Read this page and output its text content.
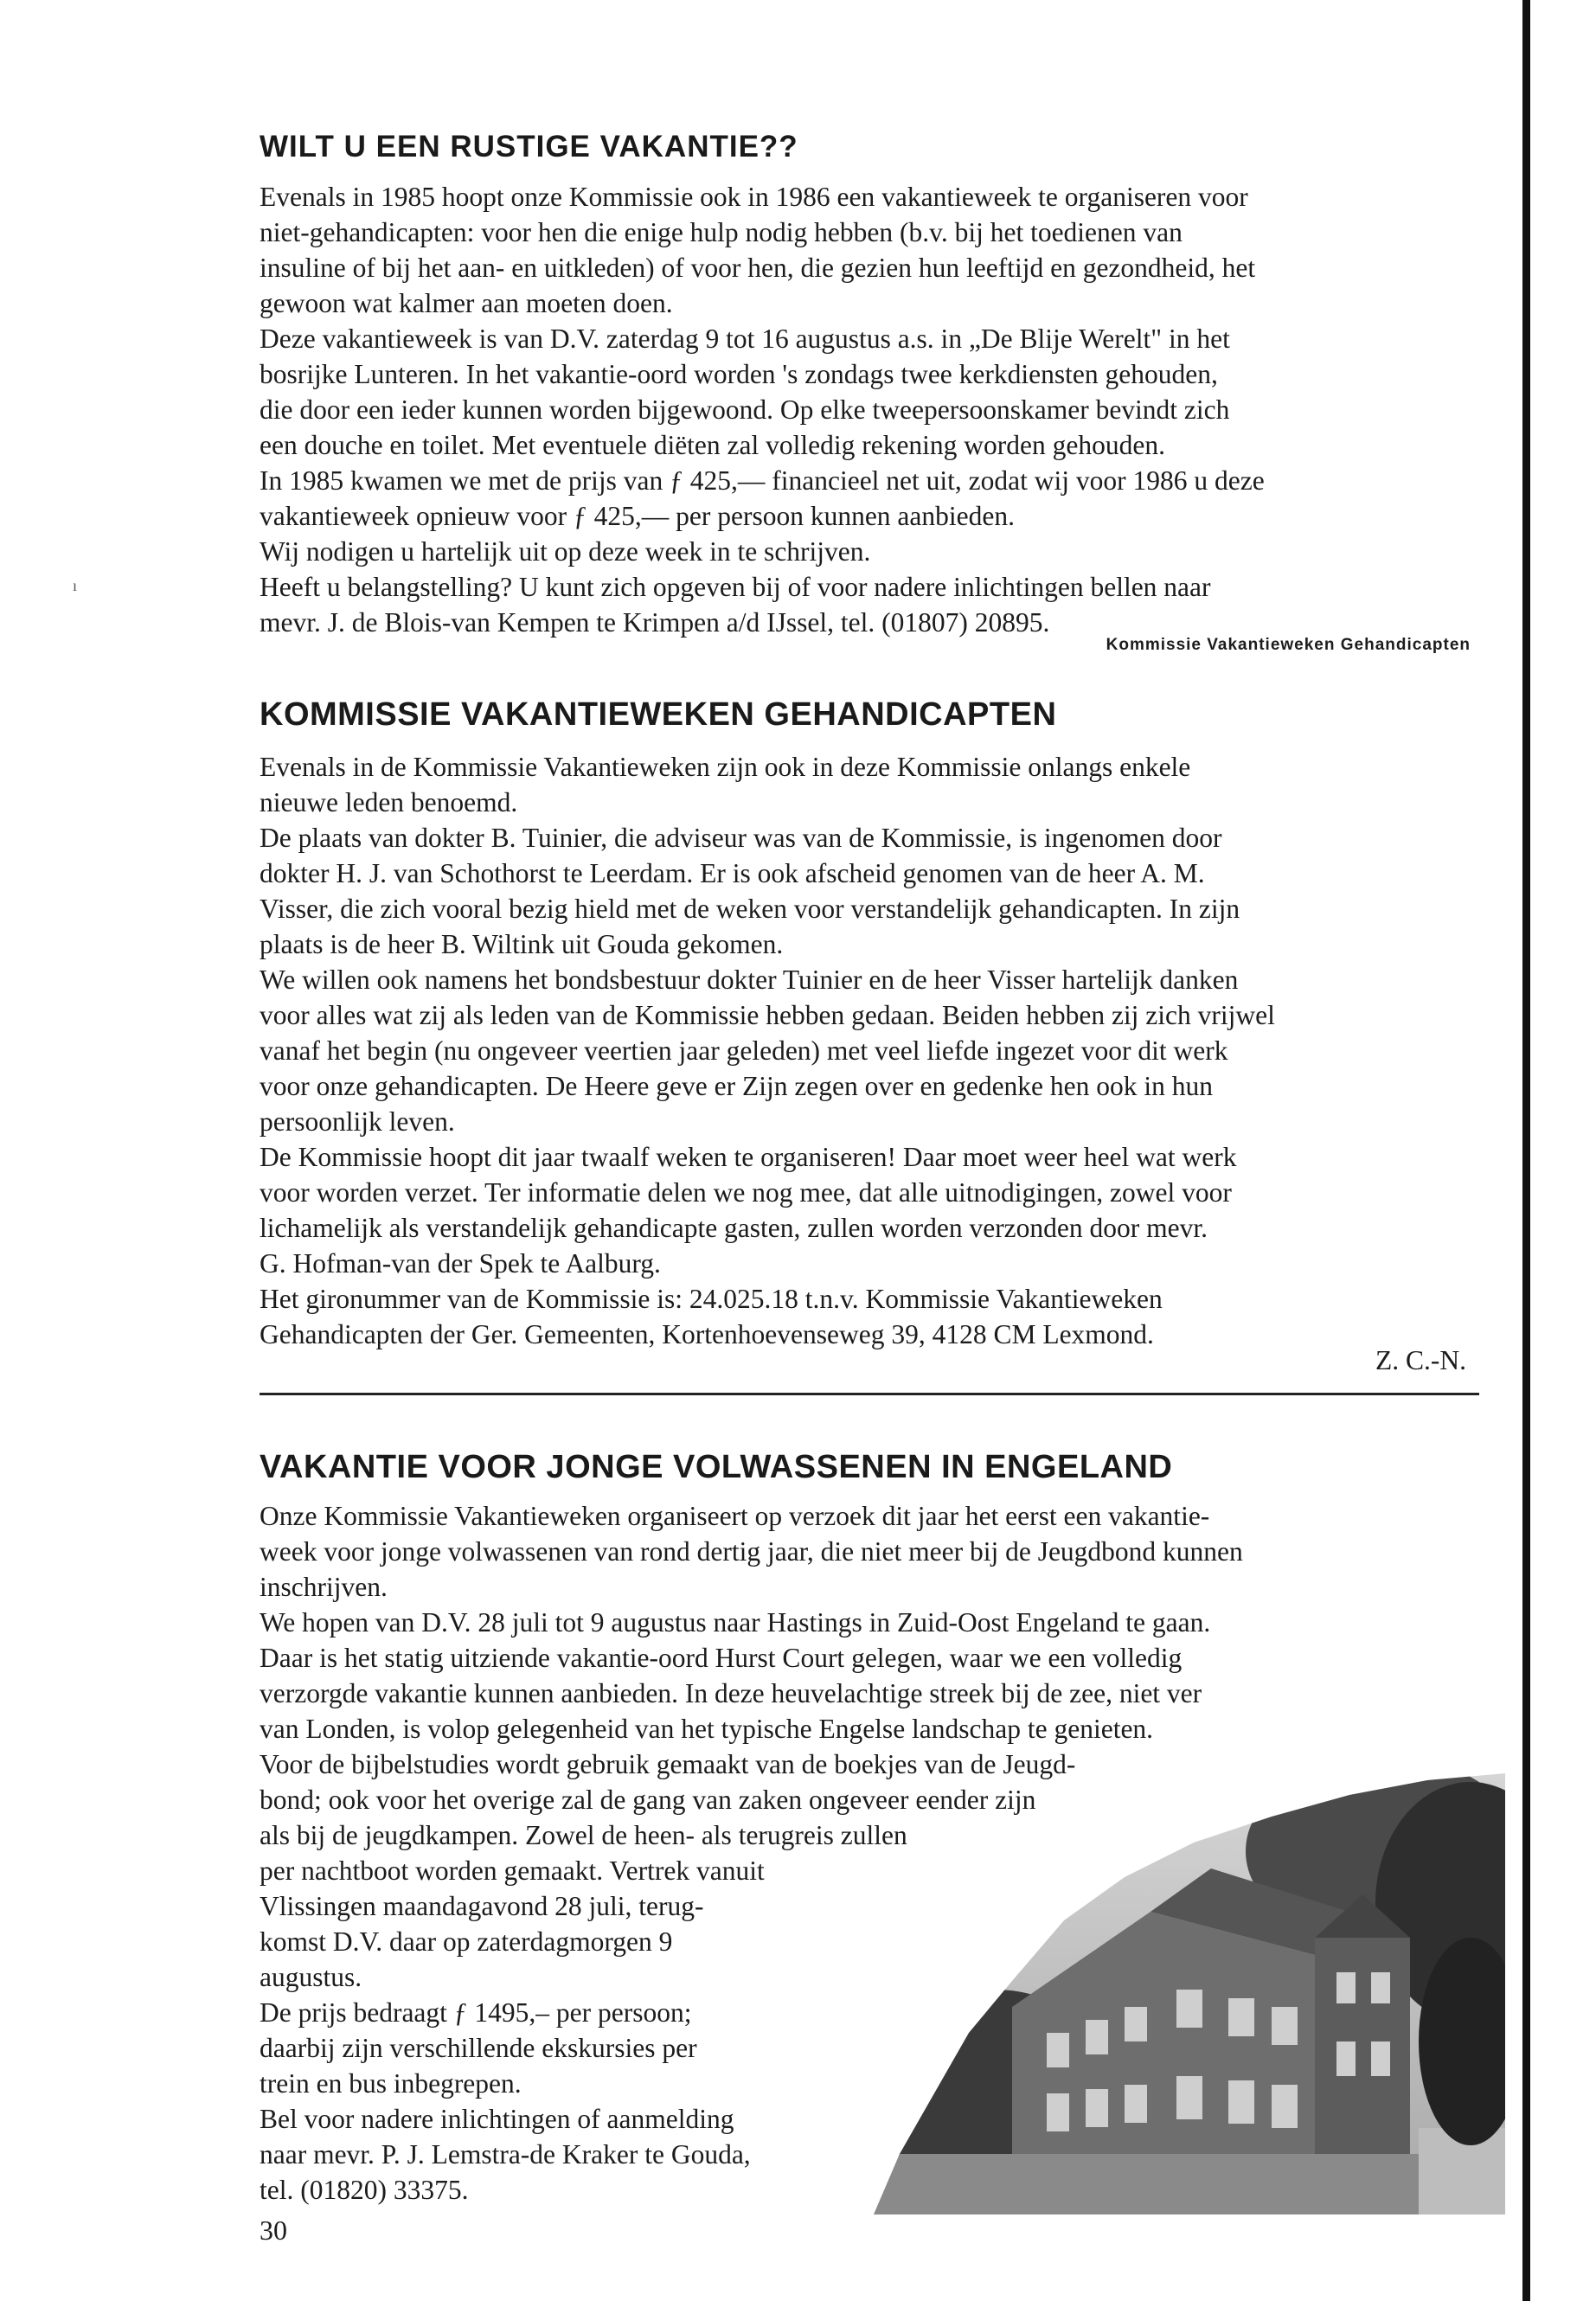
ı
WILT U EEN RUSTIGE VAKANTIE??
Evenals in 1985 hoopt onze Kommissie ook in 1986 een vakantieweek te organiseren voor
niet-gehandicapten: voor hen die enige hulp nodig hebben (b.v. bij het toedienen van
insuline of bij het aan- en uitkleden) of voor hen, die gezien hun leeftijd en gezondheid, het
gewoon wat kalmer aan moeten doen.
Deze vakantieweek is van D.V. zaterdag 9 tot 16 augustus a.s. in „De Blije Werelt" in het
bosrijke Lunteren. In het vakantie-oord worden 's zondags twee kerkdiensten gehouden,
die door een ieder kunnen worden bijgewoond. Op elke tweepersoonskamer bevindt zich
een douche en toilet. Met eventuele diëten zal volledig rekening worden gehouden.
In 1985 kwamen we met de prijs van ƒ 425,— financieel net uit, zodat wij voor 1986 u deze
vakantieweek opnieuw voor ƒ 425,— per persoon kunnen aanbieden.
Wij nodigen u hartelijk uit op deze week in te schrijven.
Heeft u belangstelling? U kunt zich opgeven bij of voor nadere inlichtingen bellen naar
mevr. J. de Blois-van Kempen te Krimpen a/d IJssel, tel. (01807) 20895.
Kommissie Vakantieweken Gehandicapten
KOMMISSIE VAKANTIEWEKEN GEHANDICAPTEN
Evenals in de Kommissie Vakantieweken zijn ook in deze Kommissie onlangs enkele
nieuwe leden benoemd.
De plaats van dokter B. Tuinier, die adviseur was van de Kommissie, is ingenomen door
dokter H. J. van Schothorst te Leerdam. Er is ook afscheid genomen van de heer A. M.
Visser, die zich vooral bezig hield met de weken voor verstandelijk gehandicapten. In zijn
plaats is de heer B. Wiltink uit Gouda gekomen.
We willen ook namens het bondsbestuur dokter Tuinier en de heer Visser hartelijk danken
voor alles wat zij als leden van de Kommissie hebben gedaan. Beiden hebben zij zich vrijwel
vanaf het begin (nu ongeveer veertien jaar geleden) met veel liefde ingezet voor dit werk
voor onze gehandicapten. De Heere geve er Zijn zegen over en gedenke hen ook in hun
persoonlijk leven.
De Kommissie hoopt dit jaar twaalf weken te organiseren! Daar moet weer heel wat werk
voor worden verzet. Ter informatie delen we nog mee, dat alle uitnodigingen, zowel voor
lichamelijk als verstandelijk gehandicapte gasten, zullen worden verzonden door mevr.
G. Hofman-van der Spek te Aalburg.
Het gironummer van de Kommissie is: 24.025.18 t.n.v. Kommissie Vakantieweken
Gehandicapten der Ger. Gemeenten, Kortenhoevenseweg 39, 4128 CM Lexmond.
Z. C.-N.
VAKANTIE VOOR JONGE VOLWASSENEN IN ENGELAND
Onze Kommissie Vakantieweken organiseert op verzoek dit jaar het eerst een vakantie-
week voor jonge volwassenen van rond dertig jaar, die niet meer bij de Jeugdbond kunnen
inschrijven.
We hopen van D.V. 28 juli tot 9 augustus naar Hastings in Zuid-Oost Engeland te gaan.
Daar is het statig uitziende vakantie-oord Hurst Court gelegen, waar we een volledig
verzorgde vakantie kunnen aanbieden. In deze heuvelachtige streek bij de zee, niet ver
van Londen, is volop gelegenheid van het typische Engelse landschap te genieten.
Voor de bijbelstudies wordt gebruik gemaakt van de boekjes van de Jeugd-
bond; ook voor het overige zal de gang van zaken ongeveer eender zijn
als bij de jeugdkampen. Zowel de heen- als terugreis zullen
per nachtboot worden gemaakt. Vertrek vanuit
Vlissingen maandagavond 28 juli, terug-
komst D.V. daar op zaterdagmorgen 9
augustus.
De prijs bedraagt ƒ 1495,– per persoon;
daarbij zijn verschillende ekskursies per
trein en bus inbegrepen.
Bel voor nadere inlichtingen of aanmelding
naar mevr. P. J. Lemstra-de Kraker te Gouda,
tel. (01820) 33375.
30
